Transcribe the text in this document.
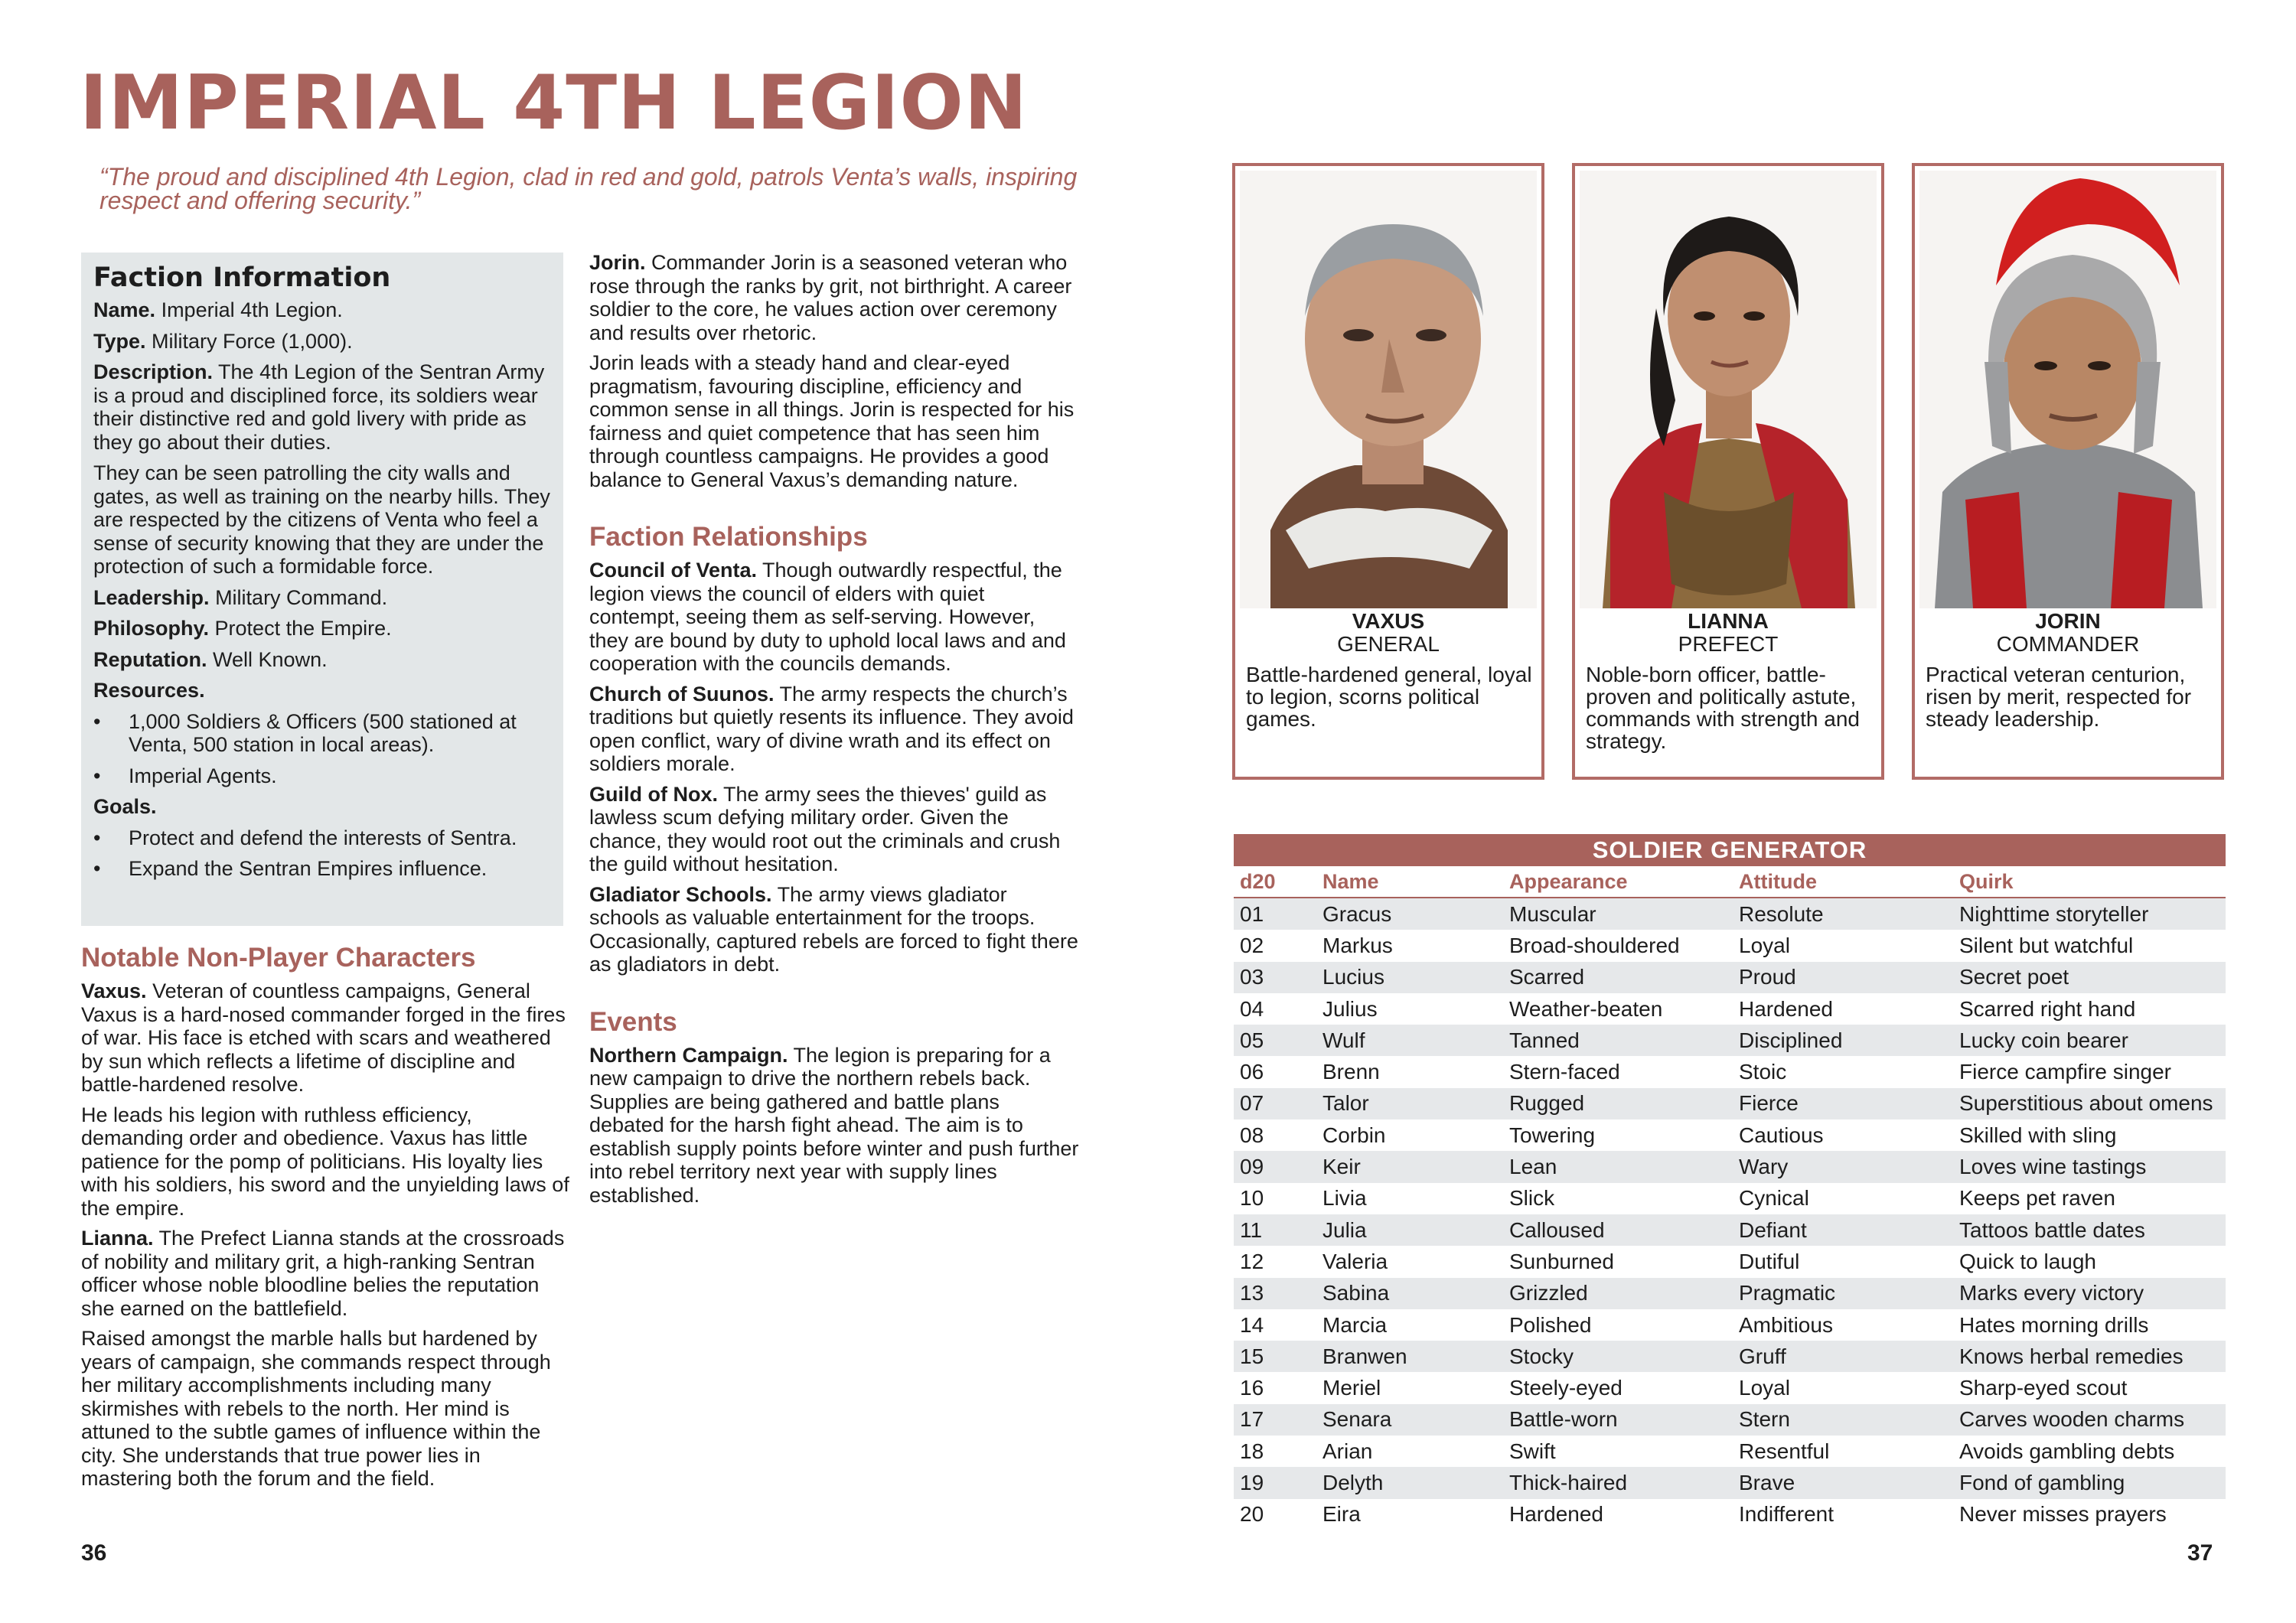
IMPERIAL 4TH LEGION
“The proud and disciplined 4th Legion, clad in red and gold, patrols Venta’s walls, inspiring respect and offering security.”
Faction Information

Name. Imperial 4th Legion.

Type. Military Force (1,000).

Description. The 4th Legion of the Sentran Army is a proud and disciplined force, its soldiers wear their distinctive red and gold livery with pride as they go about their duties.

They can be seen patrolling the city walls and gates, as well as training on the nearby hills. They are respected by the citizens of Venta who feel a sense of security knowing that they are under the protection of such a formidable force.

Leadership. Military Command.

Philosophy. Protect the Empire.

Reputation. Well Known.

Resources.

• 1,000 Soldiers & Officers (500 stationed at Venta, 500 station in local areas).
• Imperial Agents.

Goals.

• Protect and defend the interests of Sentra.
• Expand the Sentran Empires influence.
Notable Non-Player Characters

Vaxus. Veteran of countless campaigns, General Vaxus is a hard-nosed commander forged in the fires of war. His face is etched with scars and weathered by sun which reflects a lifetime of discipline and battle-hardened resolve.

He leads his legion with ruthless efficiency, demanding order and obedience. Vaxus has little patience for the pomp of politicians. His loyalty lies with his soldiers, his sword and the unyielding laws of the empire.

Lianna. The Prefect Lianna stands at the crossroads of nobility and military grit, a high-ranking Sentran officer whose noble bloodline belies the reputation she earned on the battlefield.

Raised amongst the marble halls but hardened by years of campaign, she commands respect through her military accomplishments including many skirmishes with rebels to the north. Her mind is attuned to the subtle games of influence within the city. She understands that true power lies in mastering both the forum and the field.

Jorin. Commander Jorin is a seasoned veteran who rose through the ranks by grit, not birthright. A career soldier to the core, he values action over ceremony and results over rhetoric.

Jorin leads with a steady hand and clear-eyed pragmatism, favouring discipline, efficiency and common sense in all things. Jorin is respected for his fairness and quiet competence that has seen him through countless campaigns. He provides a good balance to General Vaxus’s demanding nature.

Faction Relationships

Council of Venta. Though outwardly respectful, the legion views the council of elders with quiet contempt, seeing them as self-serving. However, they are bound by duty to uphold local laws and and cooperation with the councils demands.

Church of Suunos. The army respects the church’s traditions but quietly resents its influence. They avoid open conflict, wary of divine wrath and its effect on soldiers morale.

Guild of Nox. The army sees the thieves' guild as lawless scum defying military order. Given the chance, they would root out the criminals and crush the guild without hesitation.

Gladiator Schools. The army views gladiator schools as valuable entertainment for the troops. Occasionally, captured rebels are forced to fight there as gladiators in debt.

Events

Northern Campaign. The legion is preparing for a new campaign to drive the northern rebels back. Supplies are being gathered and battle plans debated for the harsh fight ahead. The aim is to establish supply points before winter and push further into rebel territory next year with supply lines established.

36	37
VAXUS
GENERAL
Battle-hardened general, loyal to legion, scorns political games.
LIANNA
PREFECT
Noble-born officer, battle-proven and politically astute, commands with strength and strategy.
JORIN
COMMANDER
Practical veteran centurion, risen by merit, respected for steady leadership.
SOLDIER GENERATOR
d20	Name	Appearance	Attitude	Quirk
01	Gracus	Muscular	Resolute	Nighttime storyteller
02	Markus	Broad-shouldered	Loyal	Silent but watchful
03	Lucius	Scarred	Proud	Secret poet
04	Julius	Weather-beaten	Hardened	Scarred right hand
05	Wulf	Tanned	Disciplined	Lucky coin bearer
06	Brenn	Stern-faced	Stoic	Fierce campfire singer
07	Talor	Rugged	Fierce	Superstitious about omens
08	Corbin	Towering	Cautious	Skilled with sling
09	Keir	Lean	Wary	Loves wine tastings
10	Livia	Slick	Cynical	Keeps pet raven
11	Julia	Calloused	Defiant	Tattoos battle dates
12	Valeria	Sunburned	Dutiful	Quick to laugh
13	Sabina	Grizzled	Pragmatic	Marks every victory
14	Marcia	Polished	Ambitious	Hates morning drills
15	Branwen	Stocky	Gruff	Knows herbal remedies
16	Meriel	Steely-eyed	Loyal	Sharp-eyed scout
17	Senara	Battle-worn	Stern	Carves wooden charms
18	Arian	Swift	Resentful	Avoids gambling debts
19	Delyth	Thick-haired	Brave	Fond of gambling
20	Eira	Hardened	Indifferent	Never misses prayers
